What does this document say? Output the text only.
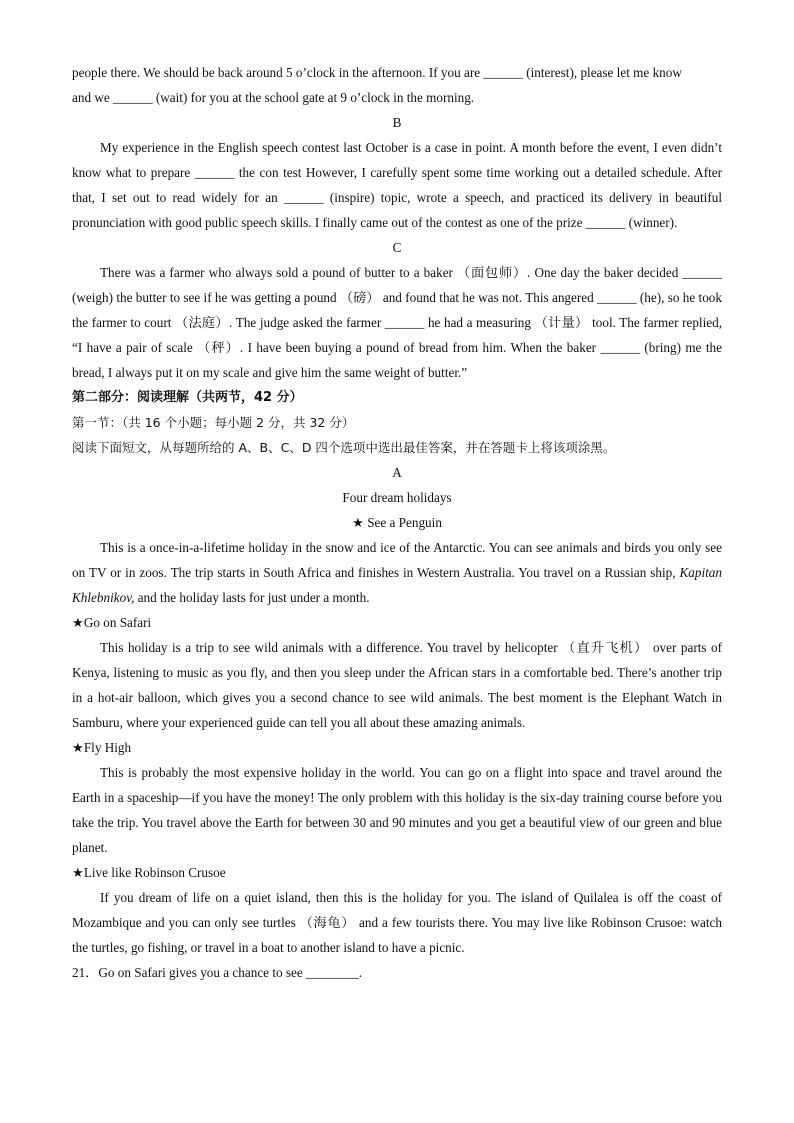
people there. We should be back around 5 o’clock in the afternoon. If you are ______ (interest), please let me know

and we ______ (wait) for you at the school gate at 9 o’clock in the morning.

B

My experience in the English speech contest last October is a case in point. A month before the event, I even didn’t know what to prepare ______ the con test However, I carefully spent some time working out a detailed schedule. After that, I set out to read widely for an ______ (inspire) topic, wrote a speech, and practiced its delivery in beautiful pronunciation with good public speech skills. I finally came out of the contest as one of the prize ______ (winner).

C

There was a farmer who always sold a pound of butter to a baker （面包师）. One day the baker decided ______ (weigh) the butter to see if he was getting a pound （磅） and found that he was not. This angered ______ (he), so he took the farmer to court （法庭）. The judge asked the farmer ______ he had a measuring （计量） tool. The farmer replied, “I have a pair of scale （秤）. I have been buying a pound of bread from him. When the baker ______ (bring) me the bread, I always put it on my scale and give him the same weight of butter.”

第二部分：阅读理解（共两节，42 分）

第一节：（共 16 个小题；每小题 2 分，共 32 分）

阅读下面短文，从每题所给的 A、B、C、D 四个选项中选出最佳答案，并在答题卡上将该项涂黑。

A

Four dream holidays

★ See a Penguin

This is a once-in-a-lifetime holiday in the snow and ice of the Antarctic. You can see animals and birds you only see on TV or in zoos. The trip starts in South Africa and finishes in Western Australia. You travel on a Russian ship, Kapitan Khlebnikov, and the holiday lasts for just under a month.

★Go on Safari

This holiday is a trip to see wild animals with a difference. You travel by helicopter （直升飞机） over parts of Kenya, listening to music as you fly, and then you sleep under the African stars in a comfortable bed. There’s another trip in a hot-air balloon, which gives you a second chance to see wild animals. The best moment is the Elephant Watch in Samburu, where your experienced guide can tell you all about these amazing animals.

★Fly High

This is probably the most expensive holiday in the world. You can go on a flight into space and travel around the Earth in a spaceship—if you have the money! The only problem with this holiday is the six-day training course before you take the trip. You travel above the Earth for between 30 and 90 minutes and you get a beautiful view of our green and blue planet.

★Live like Robinson Crusoe

If you dream of life on a quiet island, then this is the holiday for you. The island of Quilalea is off the coast of Mozambique and you can only see turtles （海龟） and a few tourists there. You may live like Robinson Crusoe: watch the turtles, go fishing, or travel in a boat to another island to have a picnic.

21．Go on Safari gives you a chance to see ________.
